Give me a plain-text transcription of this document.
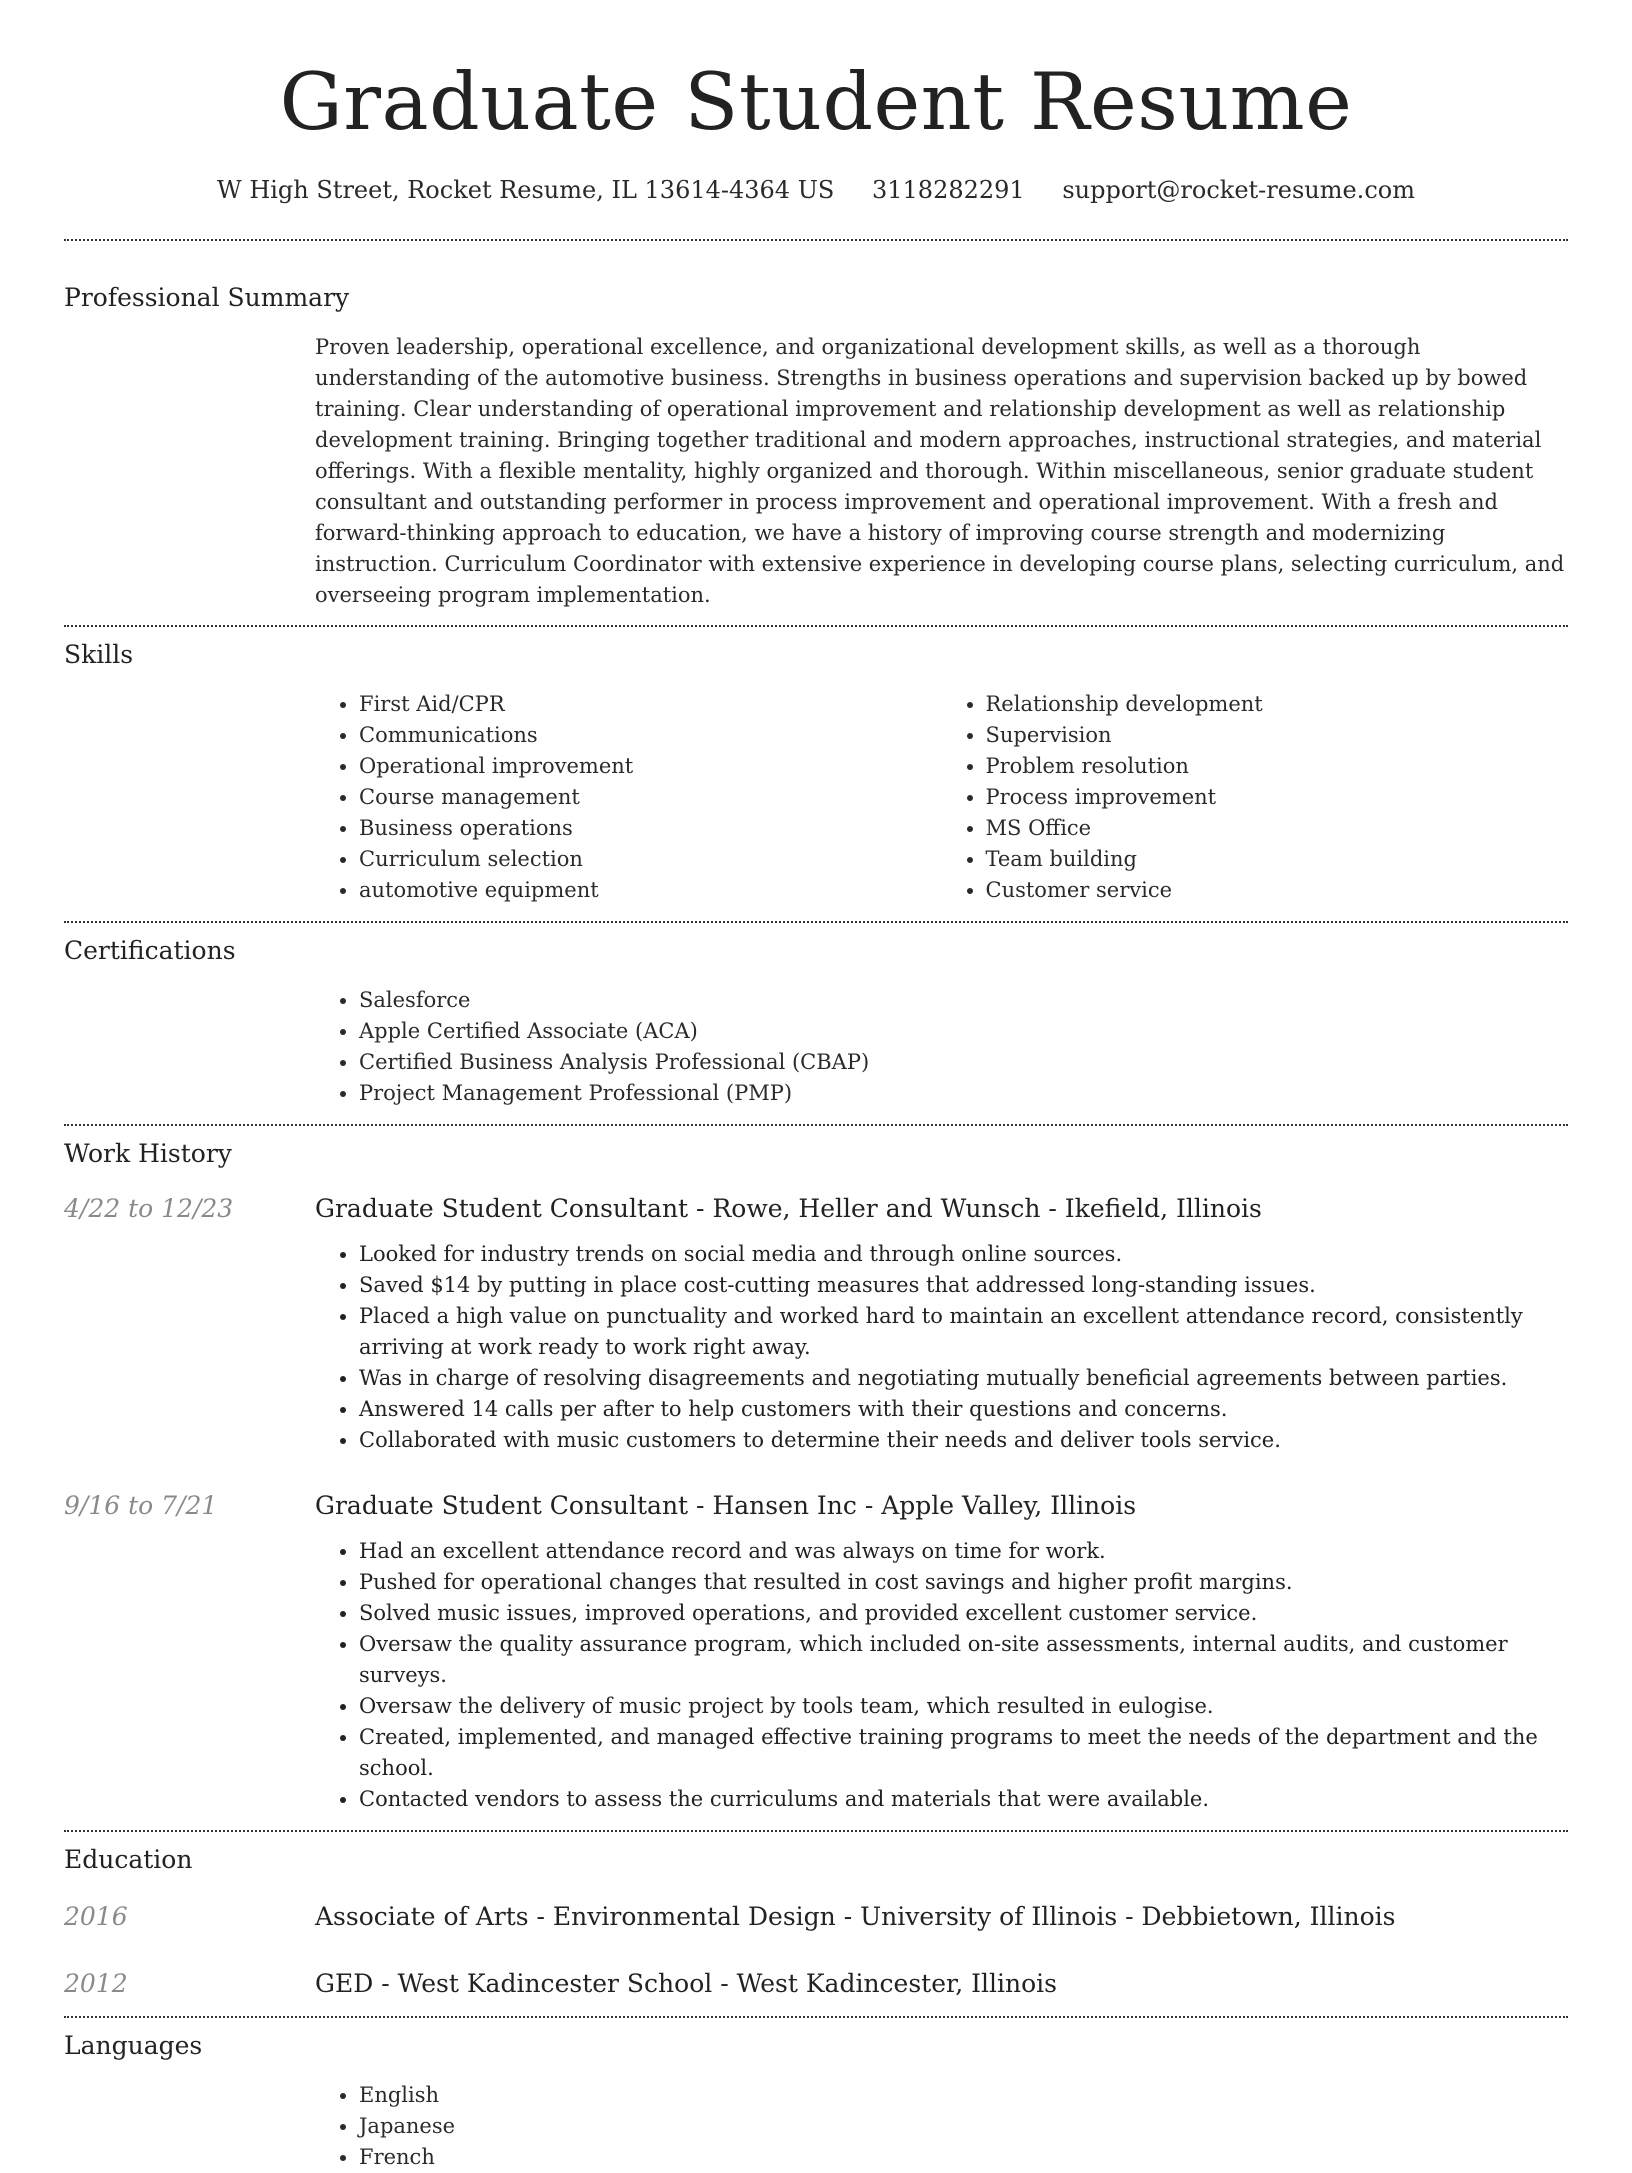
Graduate Student Resume
W High Street, Rocket Resume, IL 13614-4364 US 3118282291 support@rocket-resume.com
Professional Summary
Proven leadership, operational excellence, and organizational development skills, as well as a thorough understanding of the automotive business. Strengths in business operations and supervision backed up by bowed training. Clear understanding of operational improvement and relationship development as well as relationship development training. Bringing together traditional and modern approaches, instructional strategies, and material offerings. With a flexible mentality, highly organized and thorough. Within miscellaneous, senior graduate student consultant and outstanding performer in process improvement and operational improvement. With a fresh and forward-thinking approach to education, we have a history of improving course strength and modernizing instruction. Curriculum Coordinator with extensive experience in developing course plans, selecting curriculum, and overseeing program implementation.
Skills
• First Aid/CPR
• Communications
• Operational improvement
• Course management
• Business operations
• Curriculum selection
• automotive equipment
• Relationship development
• Supervision
• Problem resolution
• Process improvement
• MS Office
• Team building
• Customer service
Certifications
• Salesforce
• Apple Certified Associate (ACA)
• Certified Business Analysis Professional (CBAP)
• Project Management Professional (PMP)
Work History
4/22 to 12/23	Graduate Student Consultant - Rowe, Heller and Wunsch - Ikefield, Illinois
• Looked for industry trends on social media and through online sources.
• Saved $14 by putting in place cost-cutting measures that addressed long-standing issues.
• Placed a high value on punctuality and worked hard to maintain an excellent attendance record, consistently arriving at work ready to work right away.
• Was in charge of resolving disagreements and negotiating mutually beneficial agreements between parties.
• Answered 14 calls per after to help customers with their questions and concerns.
• Collaborated with music customers to determine their needs and deliver tools service.
9/16 to 7/21	Graduate Student Consultant - Hansen Inc - Apple Valley, Illinois
• Had an excellent attendance record and was always on time for work.
• Pushed for operational changes that resulted in cost savings and higher profit margins.
• Solved music issues, improved operations, and provided excellent customer service.
• Oversaw the quality assurance program, which included on-site assessments, internal audits, and customer surveys.
• Oversaw the delivery of music project by tools team, which resulted in eulogise.
• Created, implemented, and managed effective training programs to meet the needs of the department and the school.
• Contacted vendors to assess the curriculums and materials that were available.
Education
2016	Associate of Arts - Environmental Design - University of Illinois - Debbietown, Illinois
2012	GED - West Kadincester School - West Kadincester, Illinois
Languages
• English
• Japanese
• French
